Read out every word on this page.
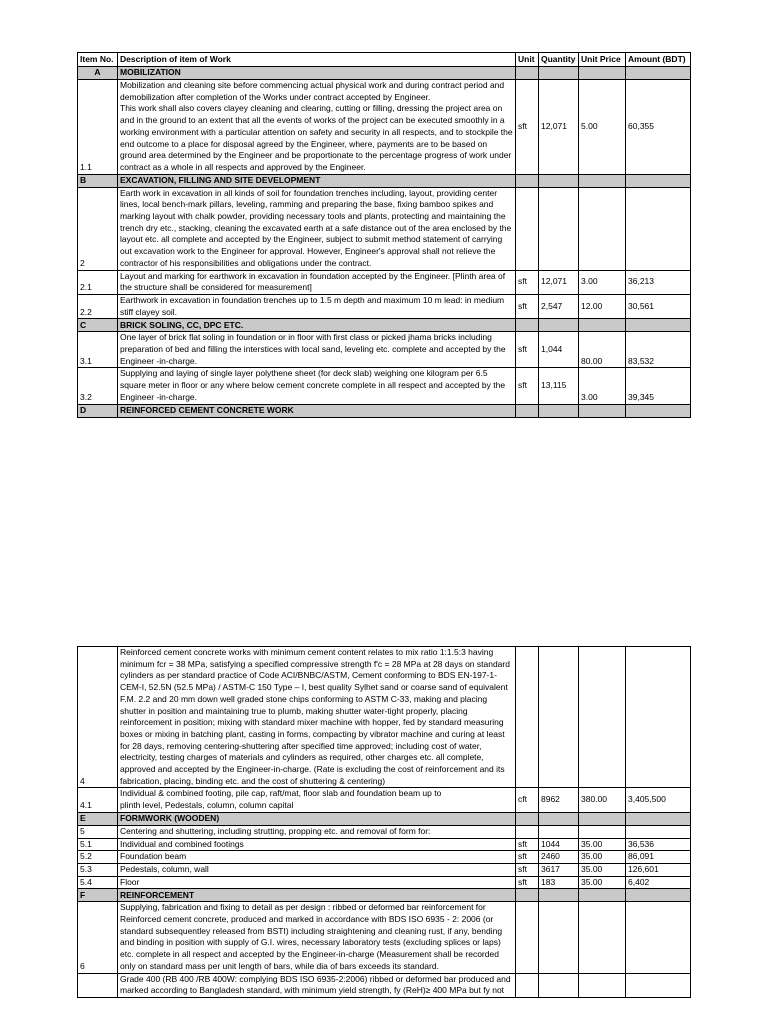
Item No.	Description of item of Work	Unit	Quantity	Unit Price	Amount (BDT)
A	MOBILIZATION				
1.1	Mobilization and cleaning site before commencing actual physical work and during contract period and demobilization after completion of the Works under contract accepted by Engineer.
This work shall also covers clayey cleaning and clearing, cutting or filling, dressing the project area on and in the ground to an extent that all the events of works of the project can be executed smoothly in a working environment with a particular attention on safety and security in all respects, and to stockpile the end outcome to a place for disposal agreed by the Engineer, where, payments are to be based on ground area determined by the Engineer and be proportionate to the percentage progress of work under contract as a whole in all respects and approved by the Engineer.	sft	12,071	5.00	60,355
B	EXCAVATION, FILLING AND SITE DEVELOPMENT				
2	Earth work in excavation in all kinds of soil for foundation trenches including, layout, providing center lines, local bench-mark pillars, leveling, ramming and preparing the base, fixing bamboo spikes and marking layout with chalk powder, providing necessary tools and plants, protecting and maintaining the trench dry etc., stacking, cleaning the excavated earth at a safe distance out of the area enclosed by the layout etc. all complete and accepted by the Engineer, subject to submit method statement of carrying out excavation work to the Engineer for approval. However, Engineer's approval shall not relieve the contractor of his responsibilities and obligations under the contract.				
2.1	Layout and marking for earthwork in excavation in foundation accepted by the Engineer. [Plinth area of the structure shall be considered for measurement]	sft	12,071	3.00	36,213
2.2	Earthwork in excavation in foundation trenches up to 1.5 m depth and maximum 10 m lead: in medium stiff clayey soil.	sft	2,547	12.00	30,561
C	BRICK SOLING, CC, DPC ETC.				
3.1	One layer of brick flat soling in foundation or in floor with first class or picked jhama bricks including preparation of bed and filling the interstices with local sand, leveling etc. complete and accepted by the Engineer -in-charge.	sft	1,044	80.00	83,532
3.2	Supplying and laying of single layer polythene sheet (for deck slab) weighing one kilogram per 6.5 square meter in floor or any where below cement concrete complete in all respect and accepted by the Engineer -in-charge.	sft	13,115	3.00	39,345
D	REINFORCED CEMENT CONCRETE WORK				
4	Reinforced cement concrete works with minimum cement content relates to mix ratio 1:1.5:3 having minimum fcr = 38 MPa, satisfying a specified compressive strength f'c = 28 MPa at 28 days on standard cylinders as per standard practice of Code ACI/BNBC/ASTM, Cement conforming to BDS EN-197-1-CEM-I, 52.5N (52.5 MPa) / ASTM-C 150 Type – I, best quality Sylhet sand or coarse sand of equivalent F.M. 2.2 and 20 mm down well graded stone chips conforming to ASTM C-33, making and placing shutter in position and maintaining true to plumb, making shutter water-tight properly, placing reinforcement in position; mixing with standard mixer machine with hopper, fed by standard measuring boxes or mixing in batching plant, casting in forms, compacting by vibrator machine and curing at least for 28 days, removing centering-shuttering after specified time approved; including cost of water, electricity, testing charges of materials and cylinders as required, other charges etc. all complete, approved and accepted by the Engineer-in-charge. (Rate is excluding the cost of reinforcement and its fabrication, placing, binding etc. and the cost of shuttering & centering)				
4.1	Individual & combined footing, pile cap, raft/mat, floor slab and foundation beam up to
plinth level, Pedestals, column, column capital	cft	8962	380.00	3,405,500
E	FORMWORK (WOODEN)				
5	Centering and shuttering, including strutting, propping etc. and removal of form for:				
5.1	Individual and combined footings	sft	1044	35.00	36,536
5.2	Foundation beam	sft	2460	35.00	86,091
5.3	Pedestals, column, wall	sft	3617	35.00	126,601
5.4	Floor	sft	183	35.00	6,402
F	REINFORCEMENT				
6	Supplying, fabrication and fixing to detail as per design : ribbed or deformed bar reinforcement for Reinforced cement concrete, produced and marked in accordance with BDS ISO 6935 - 2: 2006 (or standard subsequentley released from BSTI) including straightening and cleaning rust, if any, bending and binding in position with supply of G.I. wires, necessary laboratory tests (excluding splices or laps) etc. complete in all respect and accepted by the Engineer-in-charge (Measurement shall be recorded only on standard mass per unit length of bars, while dia of bars exceeds its standard.				
	Grade 400 (RB 400 /RB 400W: complying BDS ISO 6935-2:2006) ribbed or deformed bar produced and marked according to Bangladesh standard, with minimum yield strength, fy (ReH)≥ 400 MPa but fy not				
